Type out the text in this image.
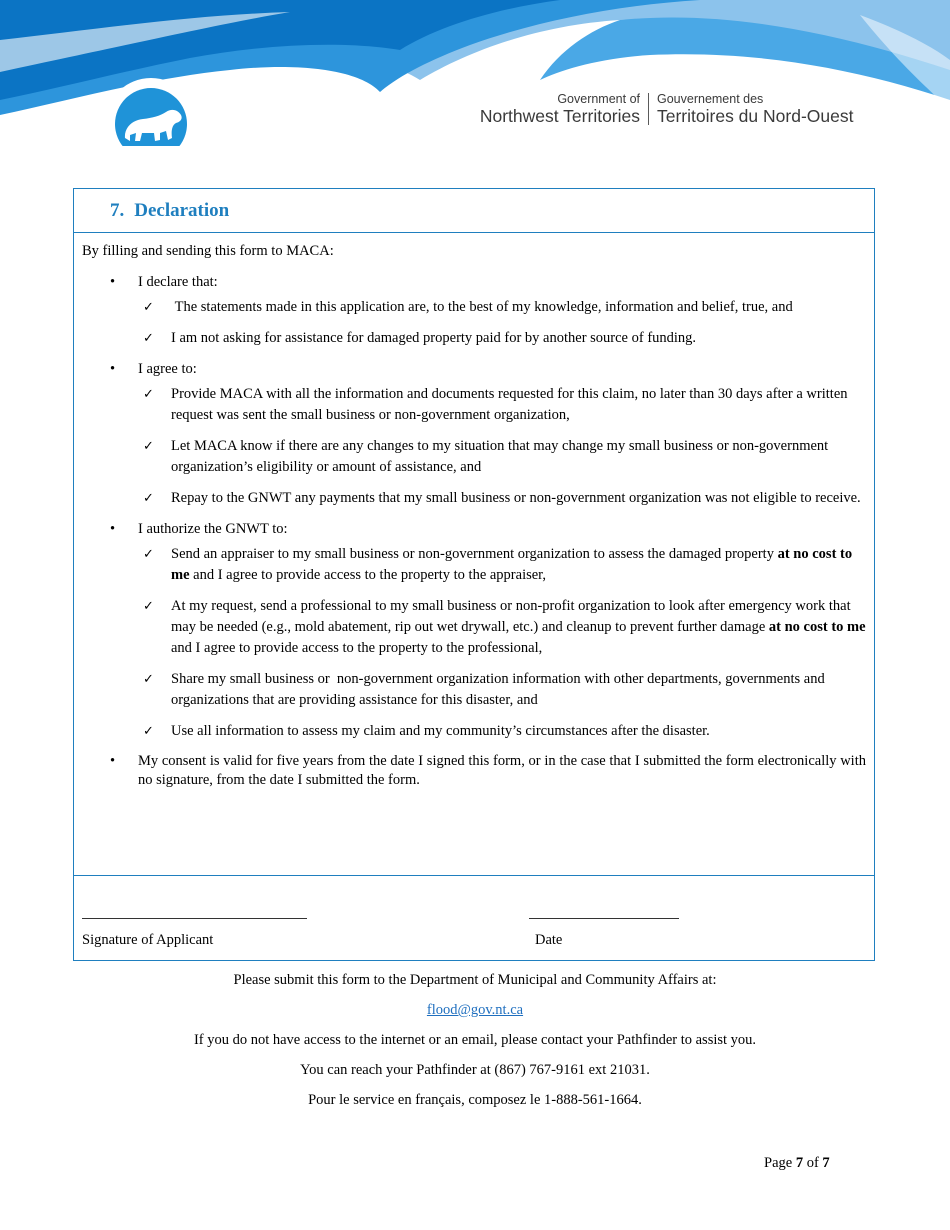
Government of
Northwest Territories
Gouvernement des
Territoires du Nord-Ouest
7. Declaration

By filling and sending this form to MACA:

• I declare that:
✓ The statements made in this application are, to the best of my knowledge, information and belief, true, and
✓ I am not asking for assistance for damaged property paid for by another source of funding.
• I agree to:
✓ Provide MACA with all the information and documents requested for this claim, no later than 30 days after a written request was sent the small business or non-government organization,
✓ Let MACA know if there are any changes to my situation that may change my small business or non-government organization’s eligibility or amount of assistance, and
✓ Repay to the GNWT any payments that my small business or non-government organization was not eligible to receive.
• I authorize the GNWT to:
✓ Send an appraiser to my small business or non-government organization to assess the damaged property at no cost to me and I agree to provide access to the property to the appraiser,
✓ At my request, send a professional to my small business or non-profit organization to look after emergency work that may be needed (e.g., mold abatement, rip out wet drywall, etc.) and cleanup to prevent further damage at no cost to me and I agree to provide access to the property to the professional,
✓ Share my small business or  non-government organization information with other departments, governments and organizations that are providing assistance for this disaster, and
✓ Use all information to assess my claim and my community’s circumstances after the disaster.
• My consent is valid for five years from the date I signed this form, or in the case that I submitted the form electronically with no signature, from the date I submitted the form.
Signature of Applicant	Date

Please submit this form to the Department of Municipal and Community Affairs at:

flood@gov.nt.ca

If you do not have access to the internet or an email, please contact your Pathfinder to assist you.

You can reach your Pathfinder at (867) 767-9161 ext 21031.

Pour le service en français, composez le 1-888-561-1664.

Page 7 of 7
